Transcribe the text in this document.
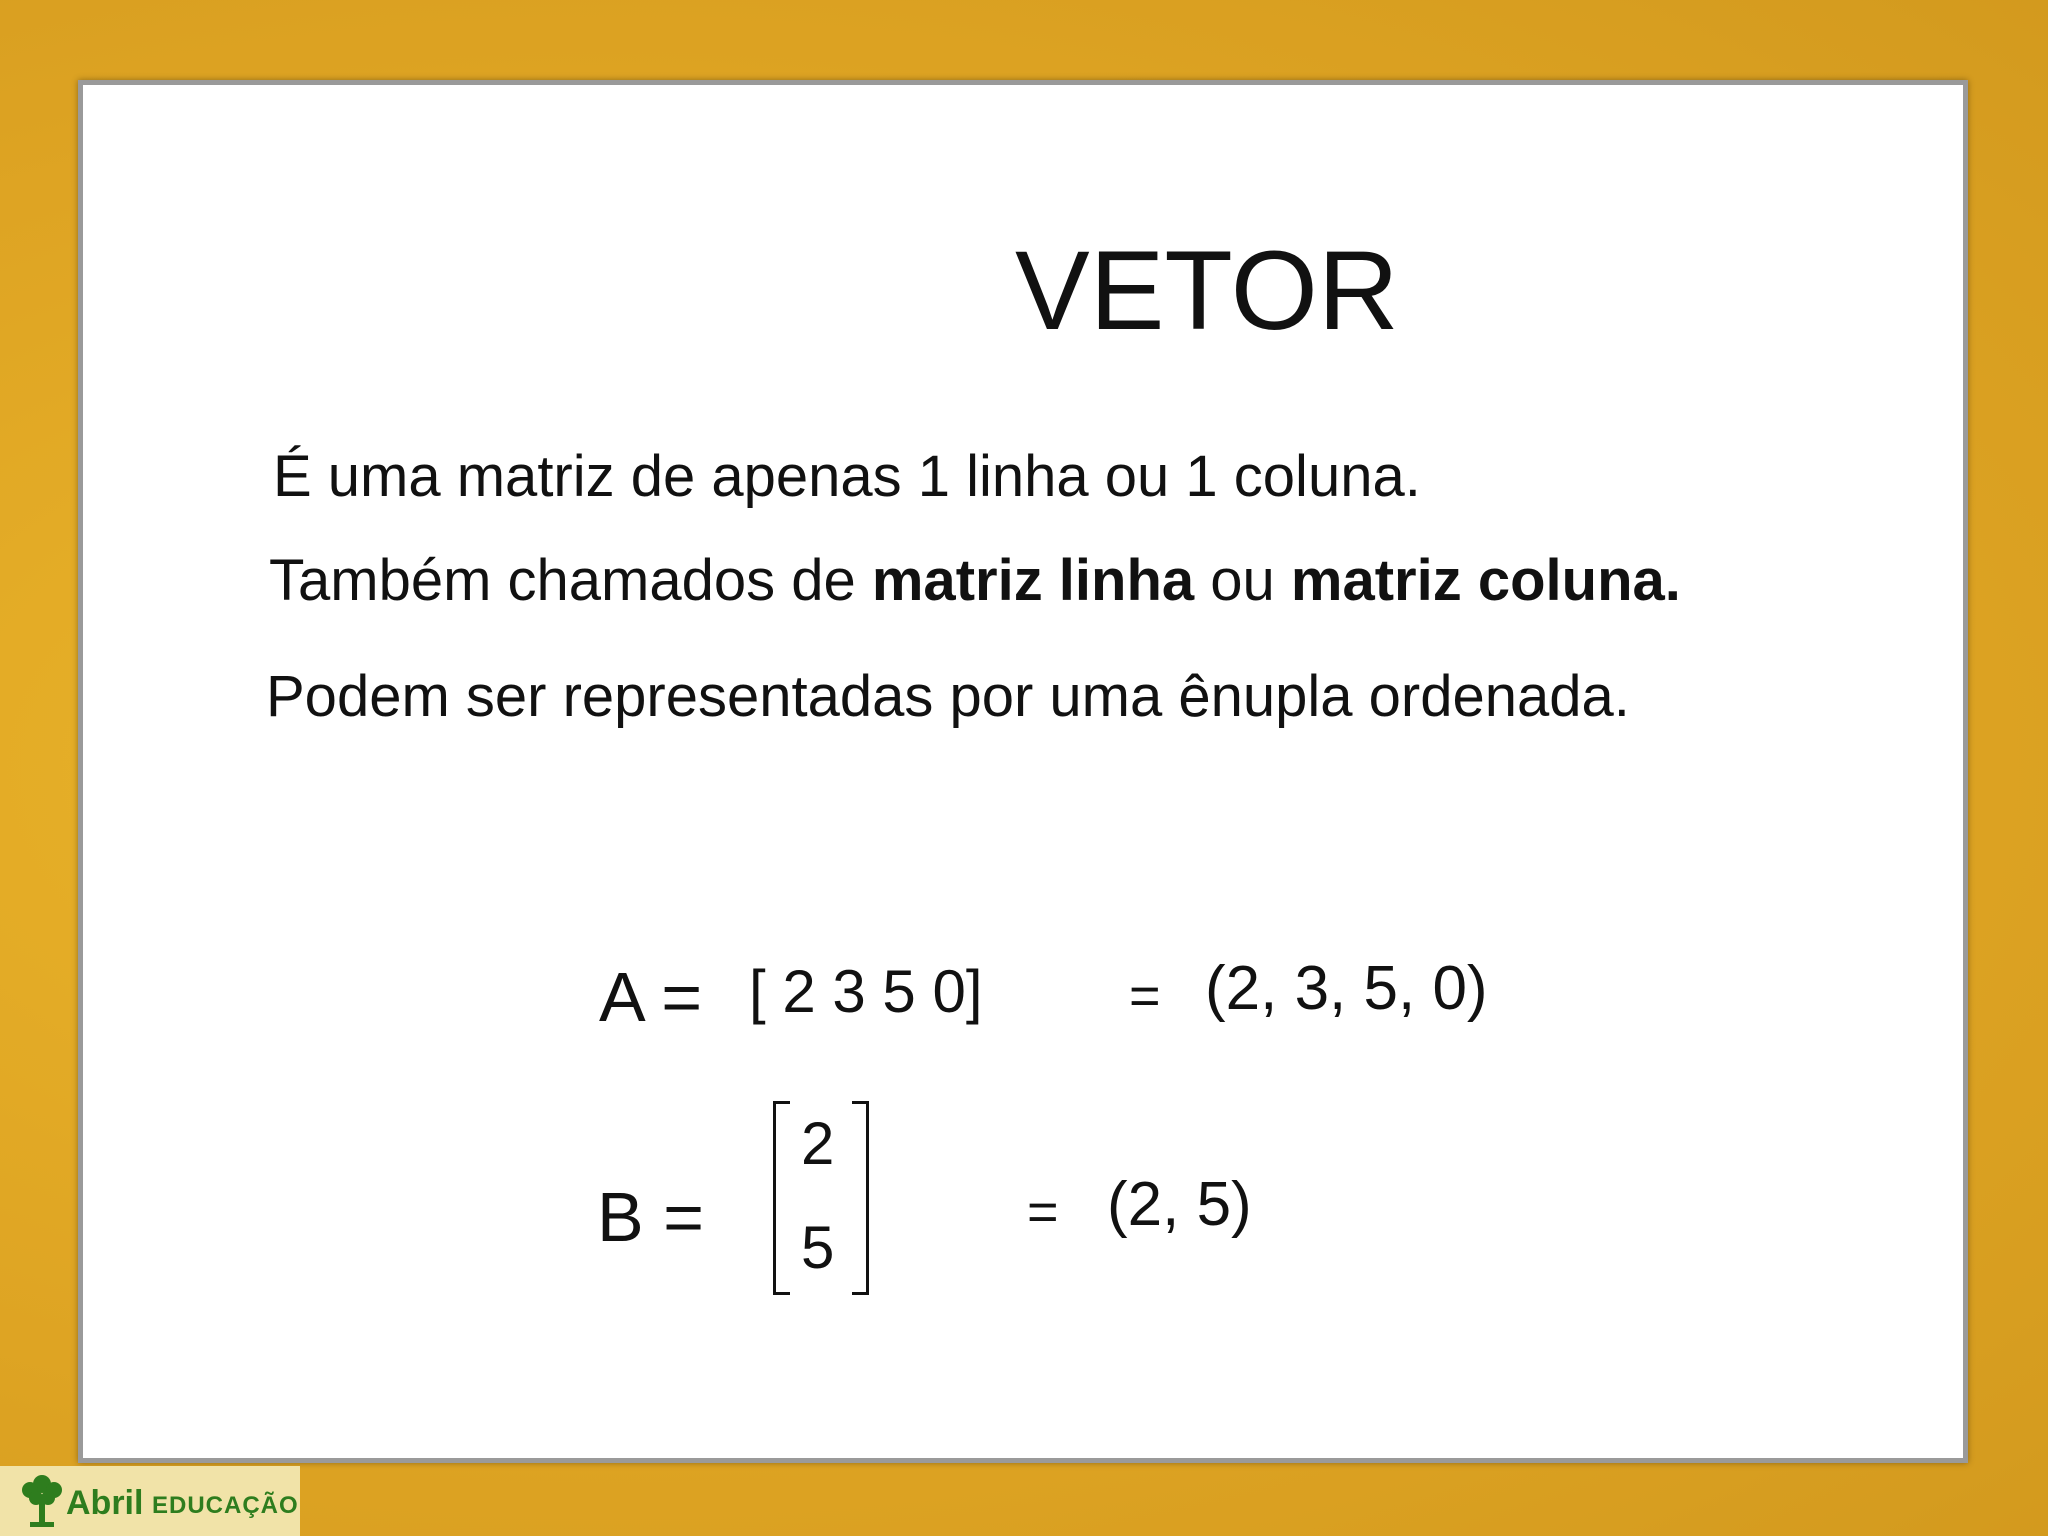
VETOR
É uma matriz de apenas 1 linha ou 1 coluna.
Também chamados de matriz linha ou matriz coluna.
Podem ser representadas por uma ênupla ordenada.
A = [ 2 3 5 0]	= (2, 3, 5, 0)
B =
2
5
= (2, 5)
Abril EDUCAÇÃO
